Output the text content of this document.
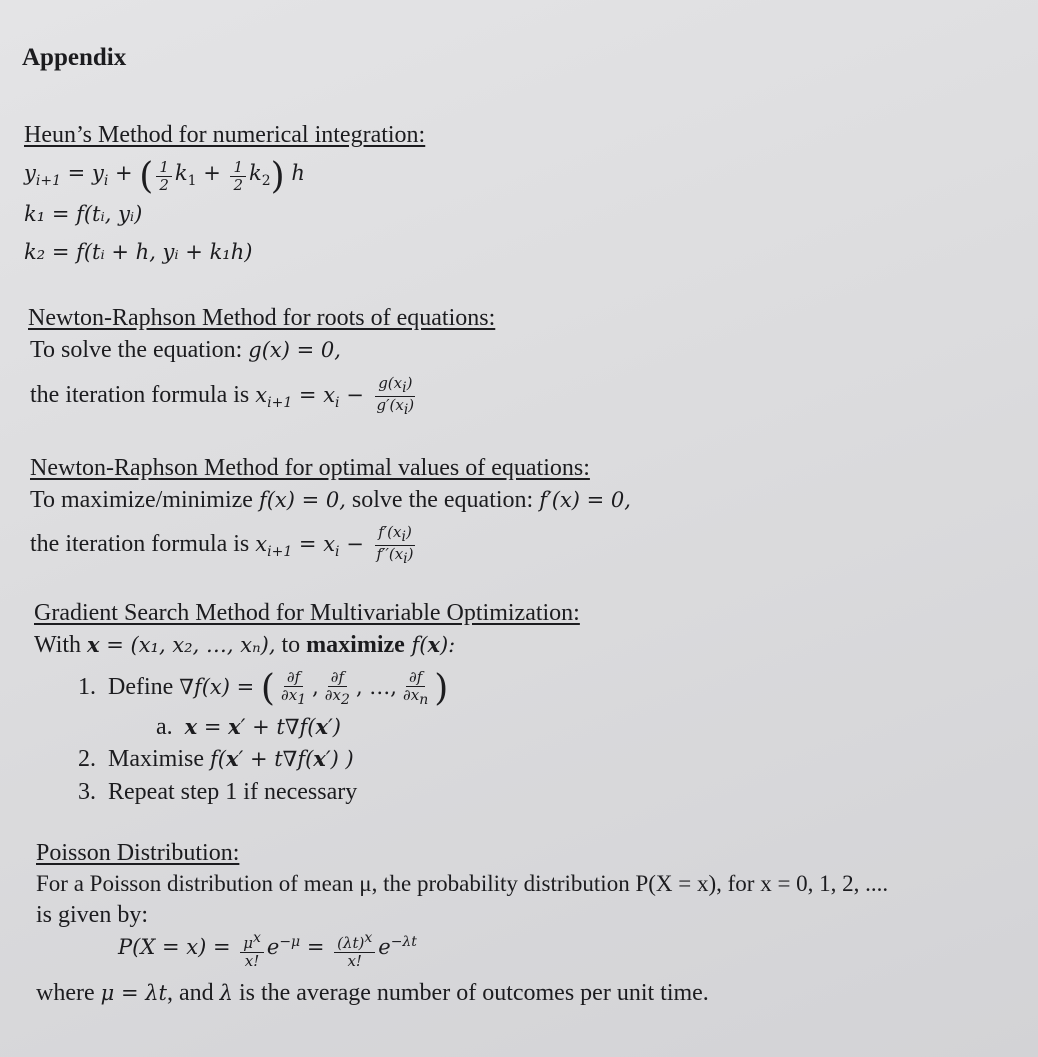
Appendix
Heun’s Method for numerical integration:
$y_{i+1} = y_i$ + ( $\frac{1}{2} k_1 + \frac{1}{2} k_2$) h
k₁ = f(tᵢ, yᵢ)
k₂ = f(tᵢ + h, yᵢ + k₁h)
Newton-Raphson Method for roots of equations:
To solve the equation: g(x) = 0,
the iteration formula is $x_{i+1} = x_i - \frac{g(x_i)}{g'(x_i)}$
Newton-Raphson Method for optimal values of equations:
To maximize/minimize f(x) = 0, solve the equation: f′(x) = 0,
the iteration formula is $x_{i+1} = x_i - \frac{f'(x_i)}{f''(x_i)}$
Gradient Search Method for Multivariable Optimization:
With x = (x₁, x₂, …, xₙ), to maximize f(x):
1. Define ∇f(x) = ( $\frac{\partial f}{\partial x_1}$ , $\frac{\partial f}{\partial x_2}$ , …, $\frac{\partial f}{\partial x_n}$ )
a. x = x′ + t∇f(x′)
2. Maximise f(x′ + t∇f(x′) )
3. Repeat step 1 if necessary
Poisson Distribution:
For a Poisson distribution of mean μ, the probability distribution P(X = x), for x = 0, 1, 2, ....
is given by:
$P(X = x) = \frac{\mu^x}{x!} e^{-\mu} = \frac{(\lambda t)^x}{x!} e^{-\lambda t}$
where μ = λt, and λ is the average number of outcomes per unit time.
